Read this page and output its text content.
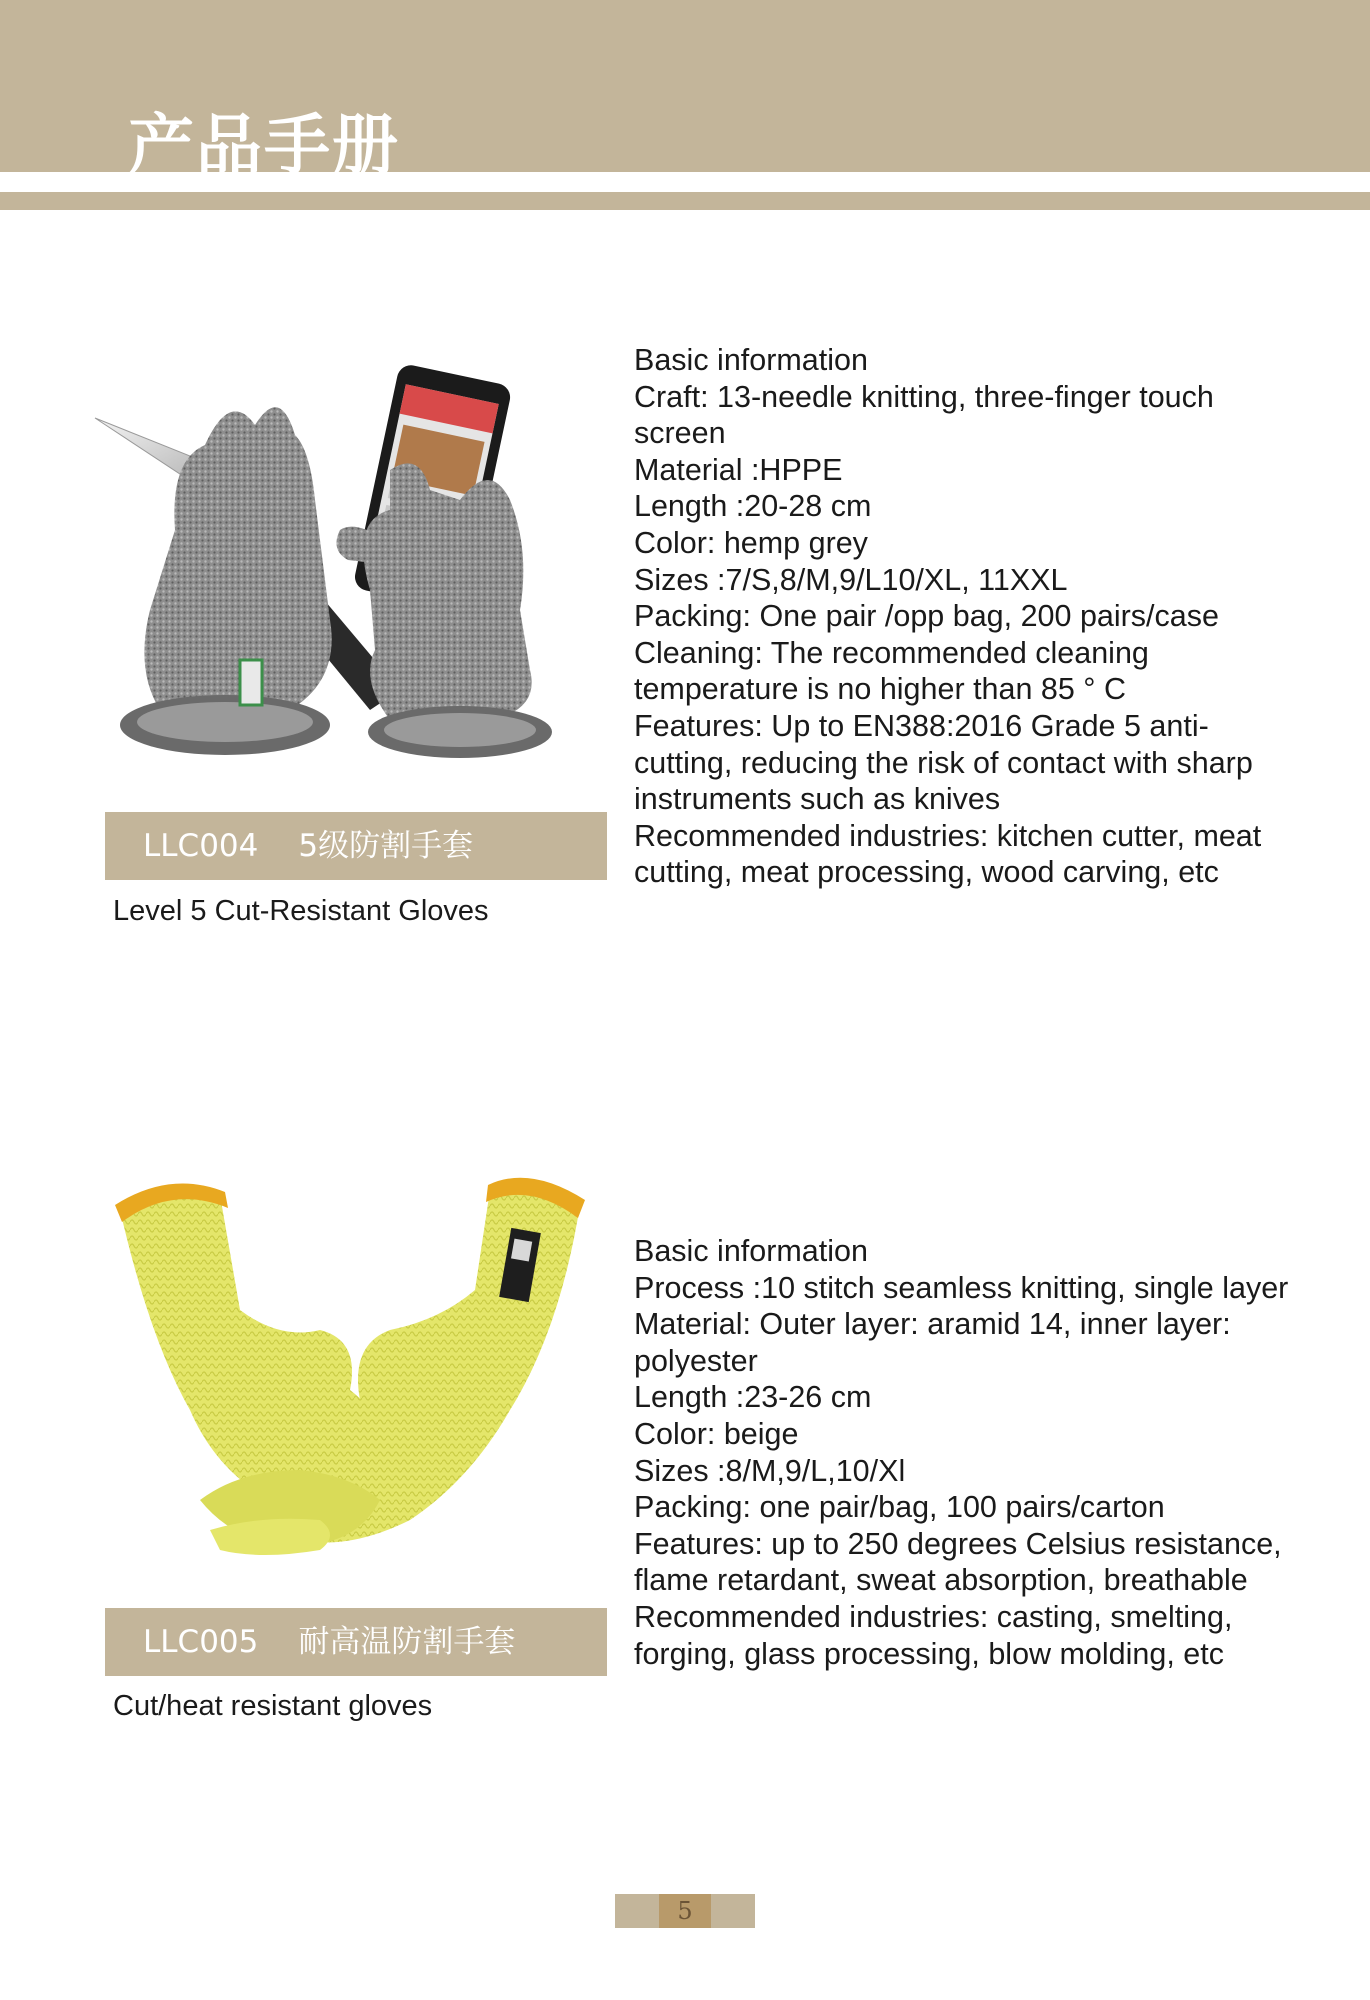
产品手册
LLC004 5级防割手套
Level 5 Cut-Resistant Gloves
Basic information
Craft: 13-needle knitting, three-finger touch
screen
Material :HPPE
Length :20-28 cm
Color: hemp grey
Sizes :7/S,8/M,9/L10/XL, 11XXL
Packing: One pair /opp bag, 200 pairs/case
Cleaning: The recommended cleaning
temperature is no higher than 85 ° C
Features: Up to EN388:2016 Grade 5 anti-
cutting, reducing the risk of contact with sharp
instruments such as knives
Recommended industries: kitchen cutter, meat
cutting, meat processing, wood carving, etc
LLC005 耐高温防割手套
Cut/heat resistant gloves
Basic information
Process :10 stitch seamless knitting, single layer
Material: Outer layer: aramid 14, inner layer:
polyester
Length :23-26 cm
Color: beige
Sizes :8/M,9/L,10/Xl
Packing: one pair/bag, 100 pairs/carton
Features: up to 250 degrees Celsius resistance,
flame retardant, sweat absorption, breathable
Recommended industries: casting, smelting,
forging, glass processing, blow molding, etc
5
